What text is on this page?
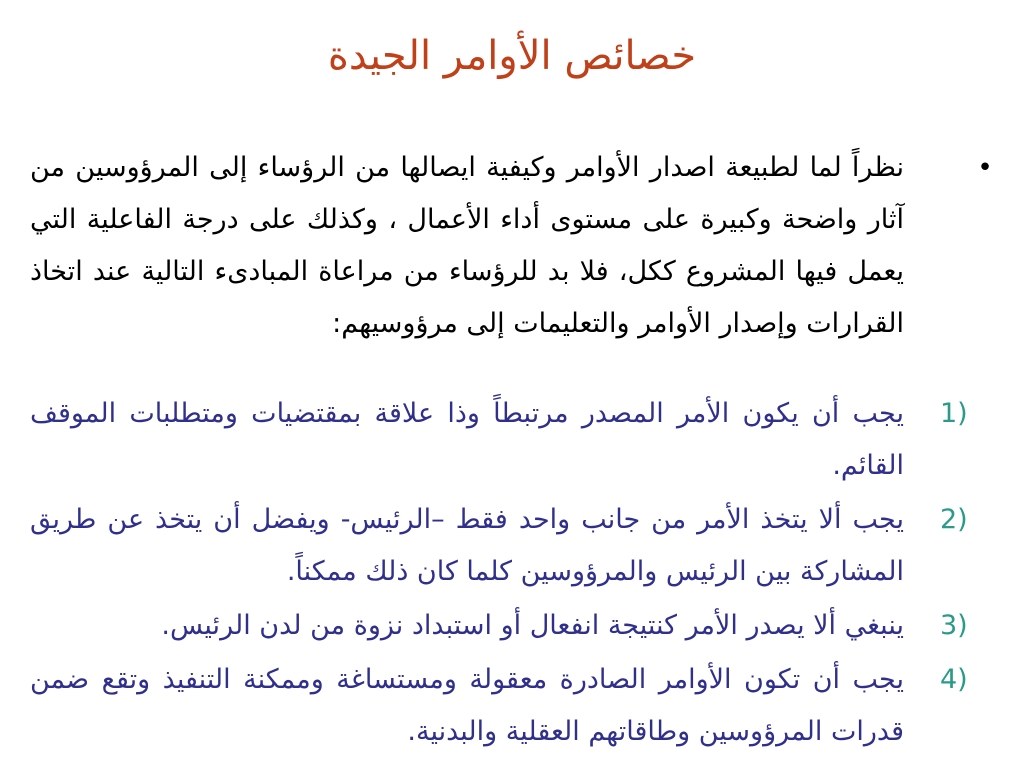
خصائص الأوامر الجيدة
•
نظراً لما لطبيعة اصدار الأوامر وكيفية ايصالها من الرؤساء إلى المرؤوسين من آثار واضحة وكبيرة على مستوى أداء الأعمال ، وكذلك على درجة الفاعلية التي يعمل فيها المشروع ككل، فلا بد للرؤساء من مراعاة المبادىء التالية عند اتخاذ القرارات وإصدار الأوامر والتعليمات إلى مرؤوسيهم:
1)
يجب أن يكون الأمر المصدر مرتبطاً وذا علاقة بمقتضيات ومتطلبات الموقف القائم.
2)
يجب ألا يتخذ الأمر من جانب واحد فقط –الرئيس- ويفضل أن يتخذ عن طريق المشاركة بين الرئيس والمرؤوسين كلما كان ذلك ممكناً.
3)
ينبغي ألا يصدر الأمر كنتيجة انفعال أو استبداد نزوة من لدن الرئيس.
4)
يجب أن تكون الأوامر الصادرة معقولة ومستساغة وممكنة التنفيذ وتقع ضمن قدرات المرؤوسين وطاقاتهم العقلية والبدنية.
